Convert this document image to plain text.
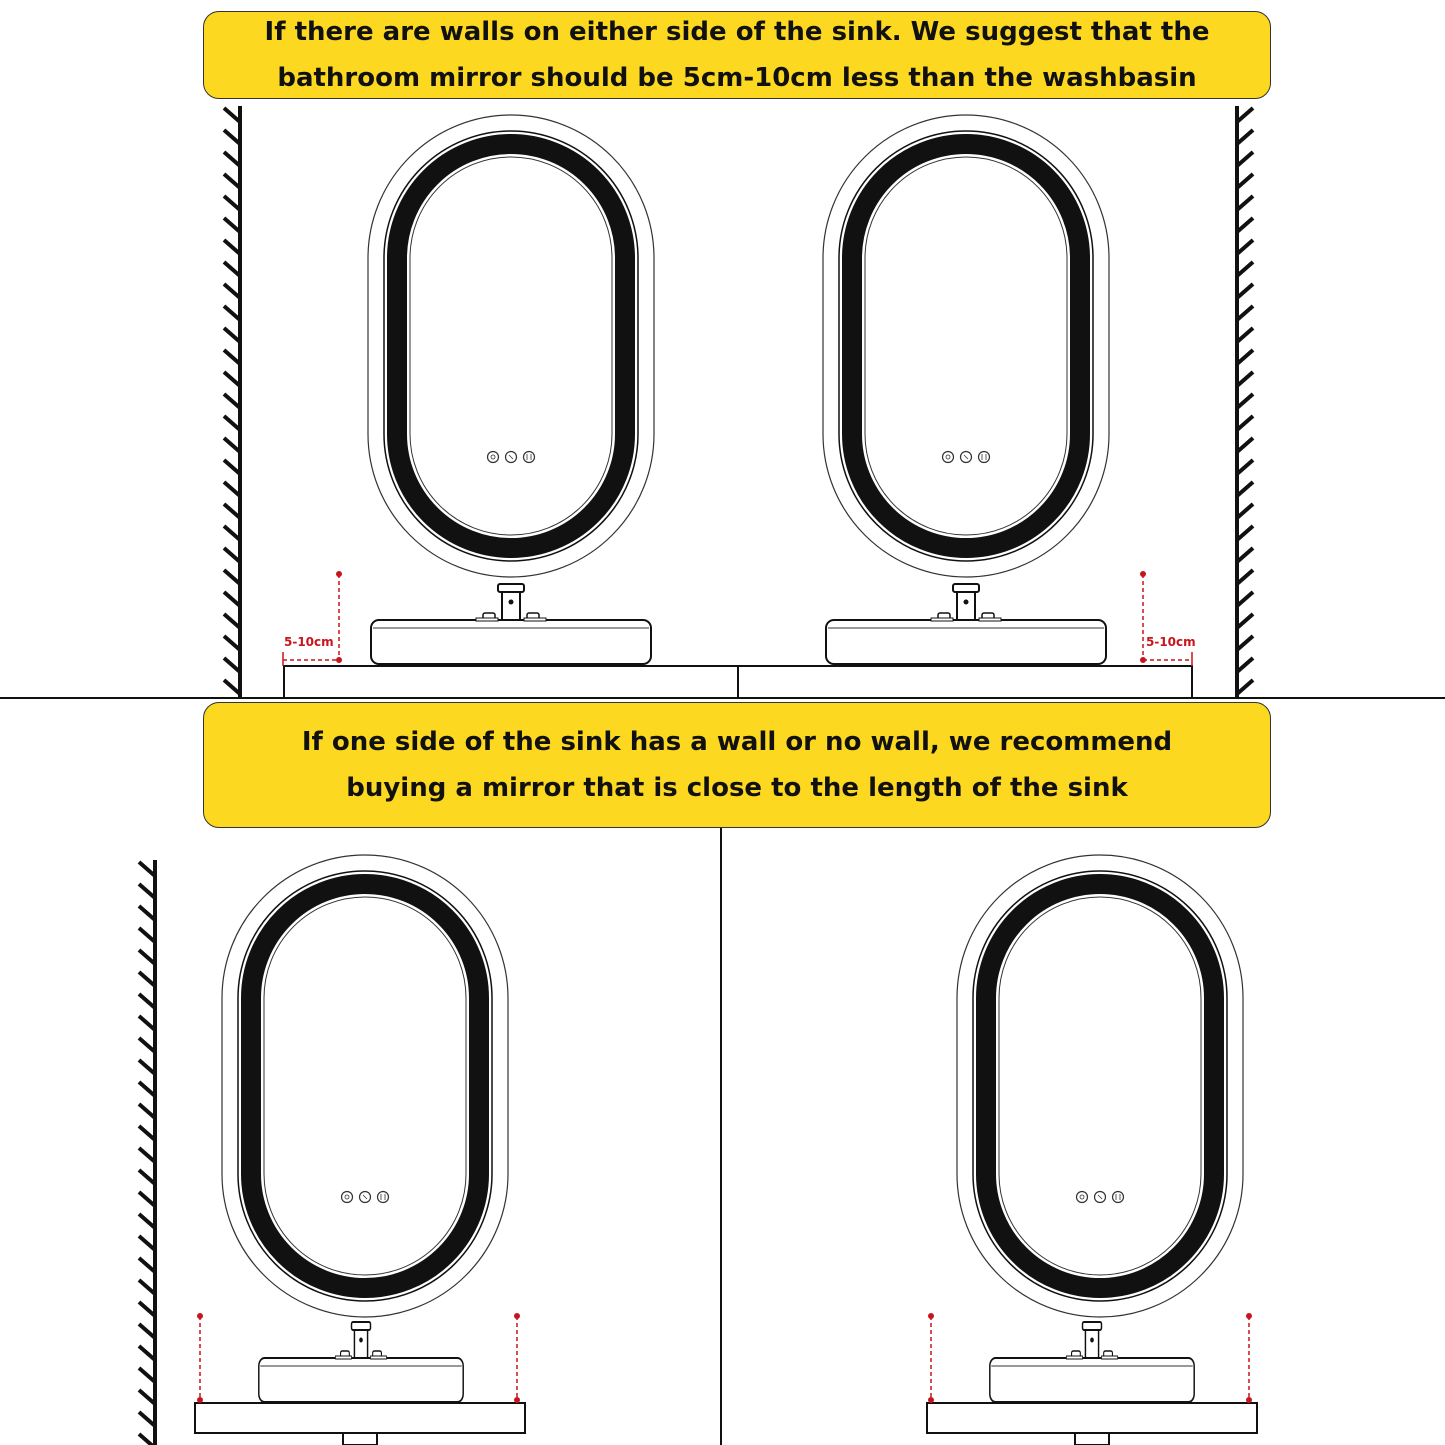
If there are walls on either side of the sink. We suggest that the
bathroom mirror should be 5cm-10cm less than the washbasin
If one side of the sink has a wall or no wall, we recommend
buying a mirror that is close to the length of the sink
5-10cm	5-10cm
